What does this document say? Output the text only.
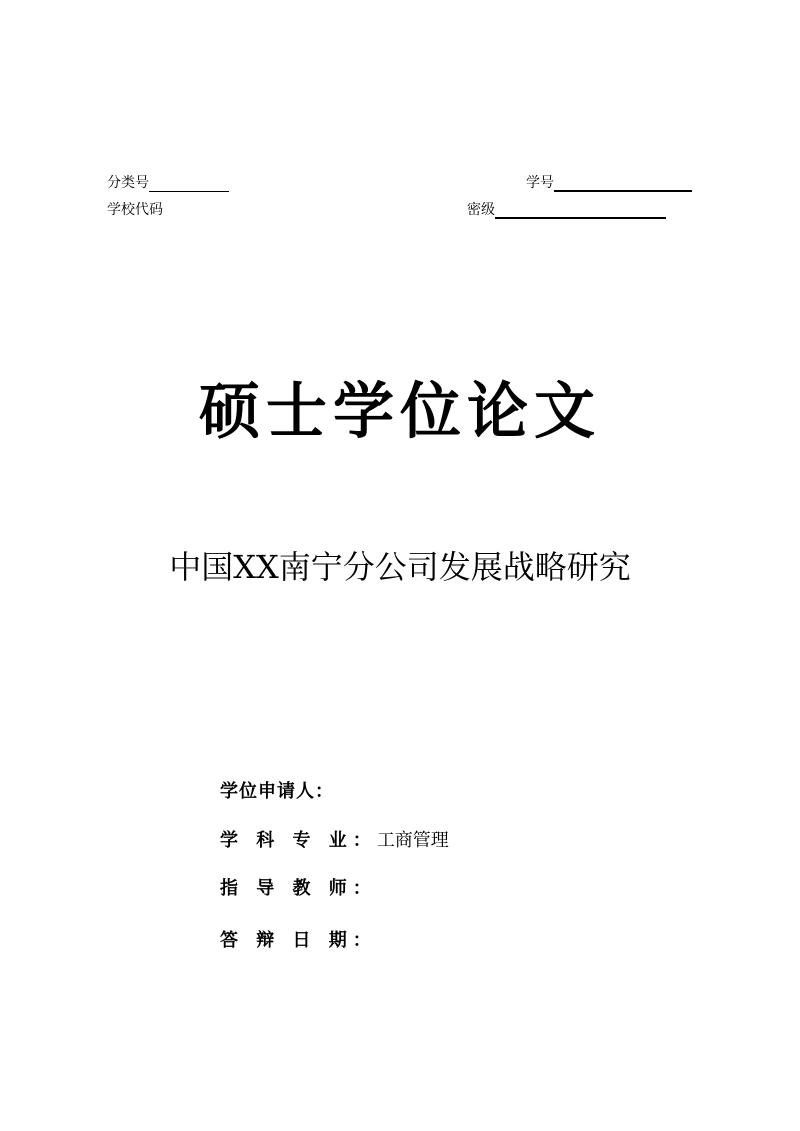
分类号	学号
学校代码	密级
硕士学位论文
中国XX南宁分公司发展战略研究
学位申请人：
学 科 专 业：工商管理
指 导 教 师：
答 辩 日 期：
